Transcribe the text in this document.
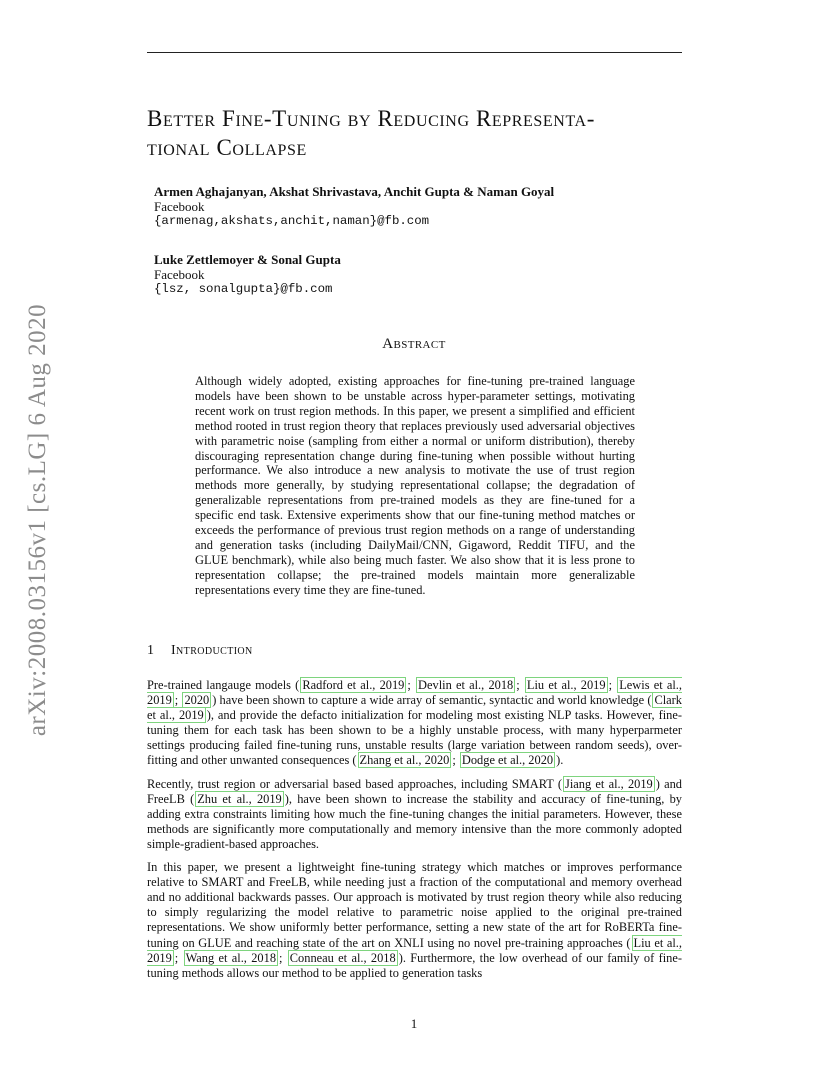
arXiv:2008.03156v1 [cs.LG] 6 Aug 2020
Better Fine-Tuning by Reducing Representa-
tional Collapse
Armen Aghajanyan, Akshat Shrivastava, Anchit Gupta & Naman Goyal
Facebook
{armenag,akshats,anchit,naman}@fb.com
Luke Zettlemoyer & Sonal Gupta
Facebook
{lsz, sonalgupta}@fb.com
Abstract

Although widely adopted, existing approaches for fine-tuning pre-trained language models have been shown to be unstable across hyper-parameter settings, motivating recent work on trust region methods. In this paper, we present a simplified and efficient method rooted in trust region theory that replaces previously used adversarial objectives with parametric noise (sampling from either a normal or uniform distribution), thereby discouraging representation change during fine-tuning when possible without hurting performance. We also introduce a new analysis to motivate the use of trust region methods more generally, by studying representational collapse; the degradation of generalizable representations from pre-trained models as they are fine-tuned for a specific end task. Extensive experiments show that our fine-tuning method matches or exceeds the performance of previous trust region methods on a range of understanding and generation tasks (including DailyMail/CNN, Gigaword, Reddit TIFU, and the GLUE benchmark), while also being much faster. We also show that it is less prone to representation collapse; the pre-trained models maintain more generalizable representations every time they are fine-tuned.

1 Introduction

Pre-trained langauge models ( Radford et al., 2019 ; Devlin et al., 2018 ; Liu et al., 2019 ; Lewis et al., 2019 ; 2020 ) have been shown to capture a wide array of semantic, syntactic and world knowledge ( Clark et al., 2019 ), and provide the defacto initialization for modeling most existing NLP tasks. However, fine-tuning them for each task has been shown to be a highly unstable process, with many hyperparmeter settings producing failed fine-tuning runs, unstable results (large variation between random seeds), over-fitting and other unwanted consequences ( Zhang et al., 2020 ; Dodge et al., 2020 ).

Recently, trust region or adversarial based based approaches, including SMART ( Jiang et al., 2019 ) and FreeLB ( Zhu et al., 2019 ), have been shown to increase the stability and accuracy of fine-tuning, by adding extra constraints limiting how much the fine-tuning changes the initial parameters. However, these methods are significantly more computationally and memory intensive than the more commonly adopted simple-gradient-based approaches.

In this paper, we present a lightweight fine-tuning strategy which matches or improves performance relative to SMART and FreeLB, while needing just a fraction of the computational and memory overhead and no additional backwards passes. Our approach is motivated by trust region theory while also reducing to simply regularizing the model relative to parametric noise applied to the original pre-trained representations. We show uniformly better performance, setting a new state of the art for RoBERTa fine-tuning on GLUE and reaching state of the art on XNLI using no novel pre-training approaches ( Liu et al., 2019 ; Wang et al., 2018 ; Conneau et al., 2018 ). Furthermore, the low overhead of our family of fine-tuning methods allows our method to be applied to generation tasks

1
